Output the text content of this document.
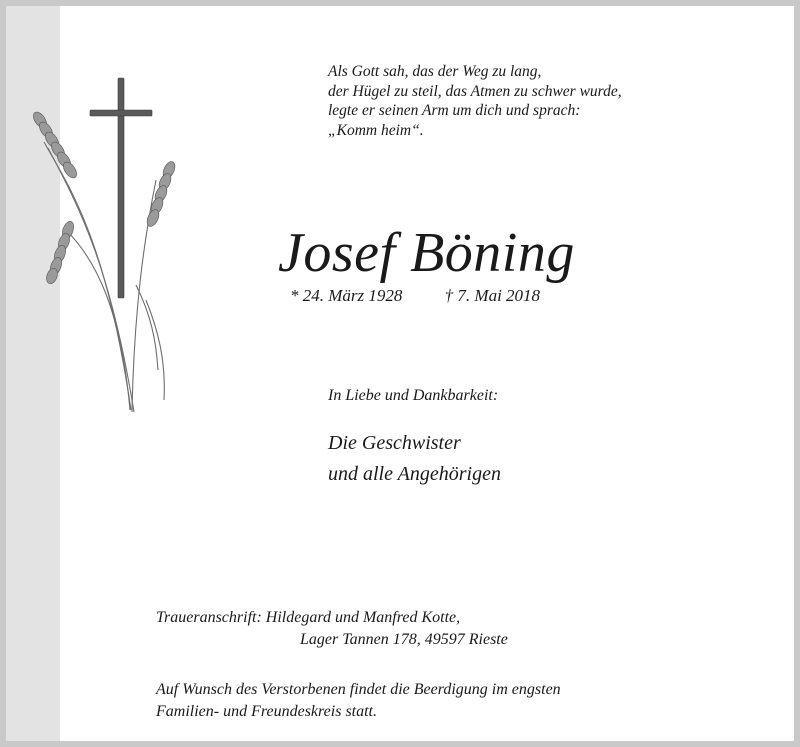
Als Gott sah, das der Weg zu lang,
der Hügel zu steil, das Atmen zu schwer wurde,
legte er seinen Arm um dich und sprach:
„Komm heim“.
Josef Böning
* 24. März 1928 † 7. Mai 2018
In Liebe und Dankbarkeit:
Die Geschwister
und alle Angehörigen
Traueranschrift: Hildegard und Manfred Kotte,
Lager Tannen 178, 49597 Rieste
Auf Wunsch des Verstorbenen findet die Beerdigung im engsten
Familien- und Freundeskreis statt.
